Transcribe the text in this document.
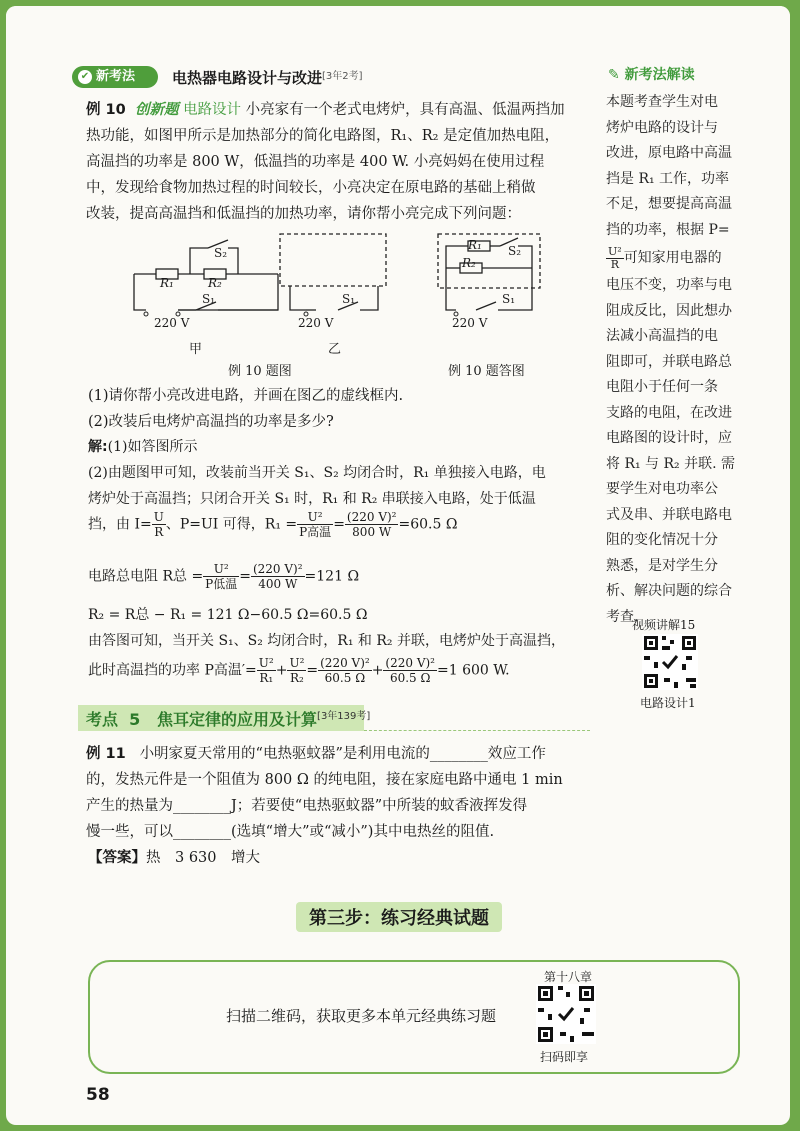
✔ 新考法	电热器电路设计与改进[3年2考]
例 10 创新题 电路设计 小亮家有一个老式电烤炉，具有高温、低温两挡加
热功能，如图甲所示是加热部分的简化电路图，R₁、R₂ 是定值加热电阻，
高温挡的功率是 800 W，低温挡的功率是 400 W. 小亮妈妈在使用过程
中，发现给食物加热过程的时间较长，小亮决定在原电路的基础上稍做
改装，提高高温挡和低温挡的加热功率，请你帮小亮完成下列问题：
R₁	R₂
S₂
S₁
220 V
S₁
220 V
R₁
R₂
S₂
S₁
220 V
甲	乙
例 10 题图	例 10 题答图
(1)请你帮小亮改进电路，并画在图乙的虚线框内.
(2)改装后电烤炉高温挡的功率是多少?
解:(1)如答图所示
(2)由题图甲可知，改装前当开关 S₁、S₂ 均闭合时，R₁ 单独接入电路，电
烤炉处于高温挡；只闭合开关 S₁ 时，R₁ 和 R₂ 串联接入电路，处于低温
挡，由 $I= \frac{U}{R}$ 、P=UI 可得，$R_1 = \frac{\text{U²}}{\text{P高温}} = \frac{\text{(220 V)²}}{800 W} =60.5$ Ω
电路总电阻 R总 = $\frac{\text{U²}}{\text{P低温}} = \frac{\text{(220 V)²}}{400 W} =121$ Ω
R₂ = R总 − R₁ = 121 Ω−60.5 Ω=60.5 Ω
由答图可知，当开关 S₁、S₂ 均闭合时，R₁ 和 R₂ 并联，电烤炉处于高温挡，
此时高温挡的功率 P高温′= $\frac{\text{U²}}{\text{R₁}} + \frac{\text{U²}}{\text{R₂}} = \frac{\text{(220 V)²}}{60.5 \Omega} + \frac{\text{(220 V)²}}{60.5 \Omega} =1$ 600 W.
✎ 新考法解读
本题考查学生对电
烤炉电路的设计与
改进，原电路中高温
挡是 R₁ 工作，功率
不足，想要提高高温
挡的功率，根据 P=
$\frac{\text{U²}}{R}$ 可知家用电器的
电压不变，功率与电
阻成反比，因此想办
法减小高温挡的电
阻即可，并联电路总
电阻小于任何一条
支路的电阻，在改进
电路图的设计时，应
将 R₁ 与 R₂ 并联. 需
要学生对电功率公
式及串、并联电路电
阻的变化情况十分
熟悉，是对学生分
析、解决问题的综合
考查.
视频讲解15
电路设计1
考点 5 焦耳定律的应用及计算[3年139考]
例 11 小明家夏天常用的“电热驱蚊器”是利用电流的________效应工作
的，发热元件是一个阻值为 800 Ω 的纯电阻，接在家庭电路中通电 1 min
产生的热量为________J；若要使“电热驱蚊器”中所装的蚊香液挥发得
慢一些，可以________(选填“增大”或“减小”)其中电热丝的阻值.
【答案】热　3 630　增大
第三步：练习经典试题
扫描二维码，获取更多本单元经典练习题
第十八章
扫码即享
58
